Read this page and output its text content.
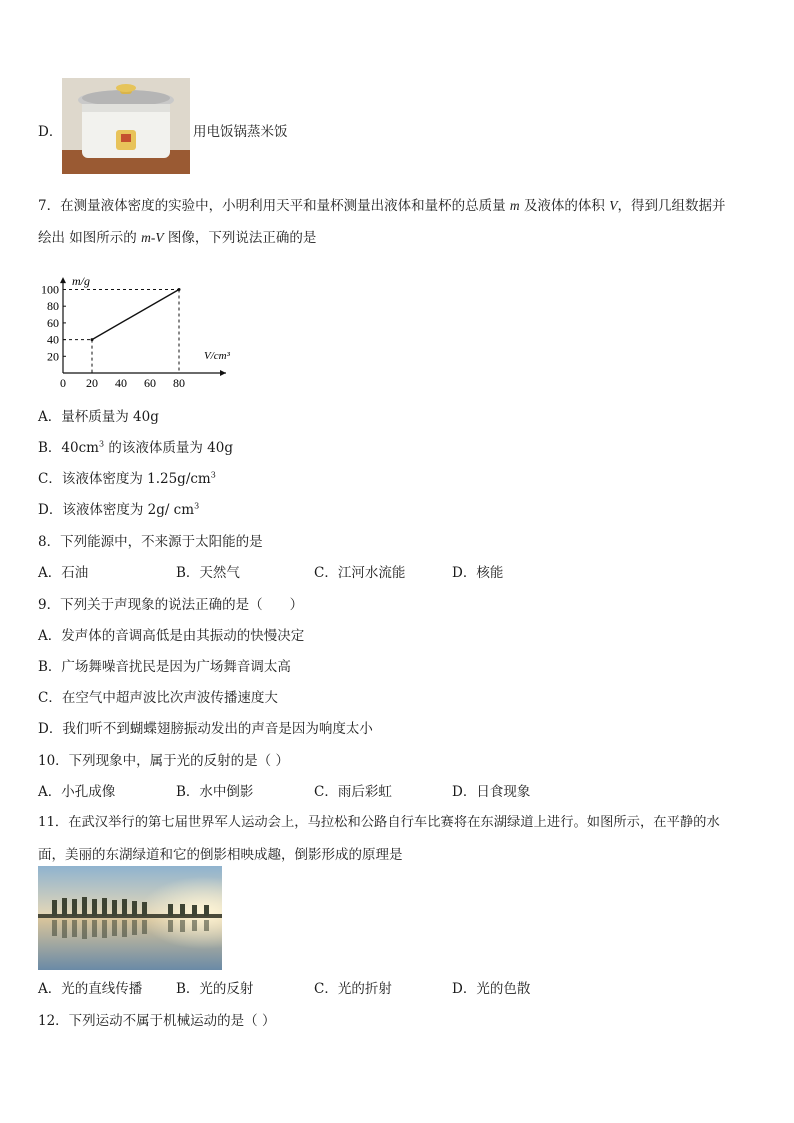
D．	用电饭锅蒸米饭
7．在测量液体密度的实验中，小明利用天平和量杯测量出液体和量杯的总质量 m 及液体的体积 V，得到几组数据并
绘出 如图所示的 m-V 图像，下列说法正确的是
m/g
V/cm³
0 20 40 60 80
20
40
60
80
100
A．量杯质量为 40g
B．$40cm^3$ 的该液体质量为 40g
C．该液体密度为 $1.25g/cm^3$
D．该液体密度为 2g/ $cm^3$
8．下列能源中，不来源于太阳能的是
A．石油	B．天然气	C．江河水流能	D．核能
9．下列关于声现象的说法正确的是（　　）
A．发声体的音调高低是由其振动的快慢决定
B．广场舞噪音扰民是因为广场舞音调太高
C．在空气中超声波比次声波传播速度大
D．我们听不到蝴蝶翅膀振动发出的声音是因为响度太小
10．下列现象中，属于光的反射的是（ ）
A．小孔成像	B．水中倒影	C．雨后彩虹	D．日食现象
11．在武汉举行的第七届世界军人运动会上，马拉松和公路自行车比赛将在东湖绿道上进行。如图所示，在平静的水
面，美丽的东湖绿道和它的倒影相映成趣，倒影形成的原理是
A．光的直线传播	B．光的反射	C．光的折射	D．光的色散
12．下列运动不属于机械运动的是（ ）
